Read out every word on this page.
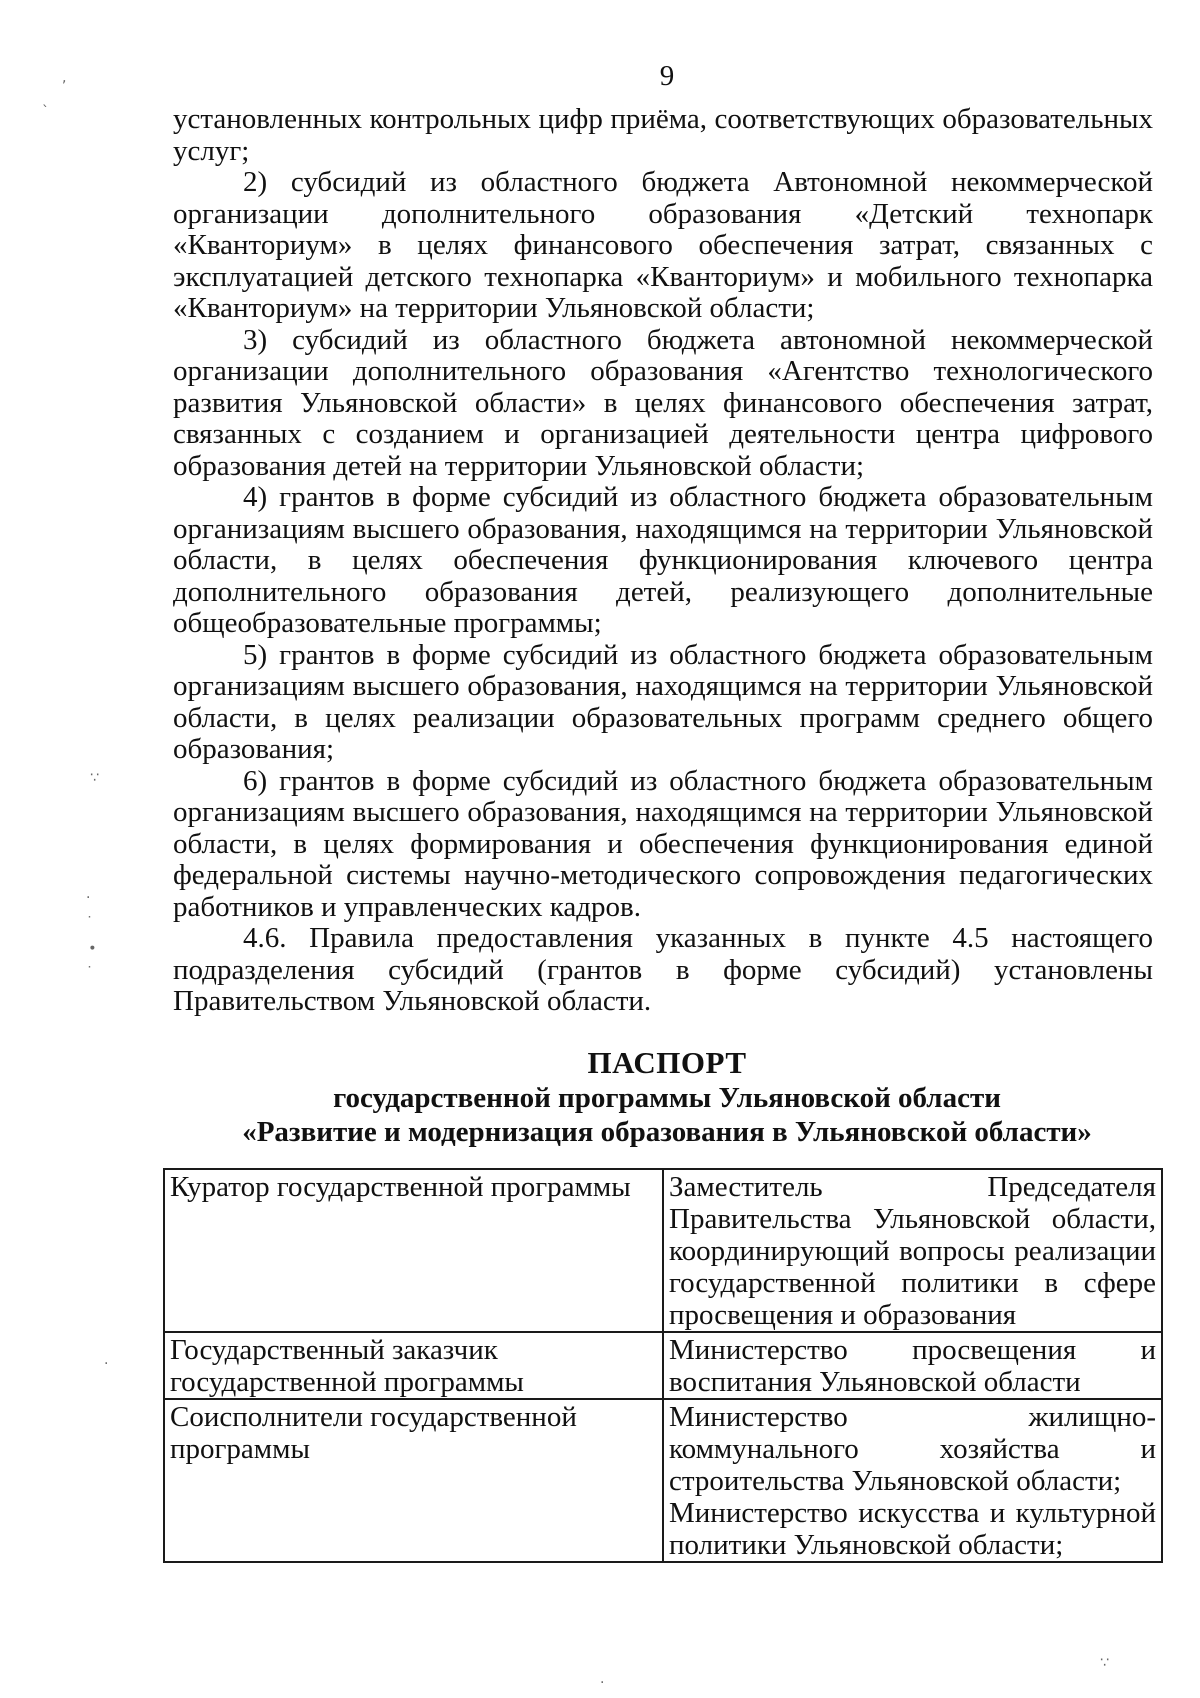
9

установленных контрольных цифр приёма, соответствующих образовательных услуг;

2) субсидий из областного бюджета Автономной некоммерческой организации дополнительного образования «Детский технопарк «Кванториум» в целях финансового обеспечения затрат, связанных с эксплуатацией детского технопарка «Кванториум» и мобильного технопарка «Кванториум» на территории Ульяновской области;

3) субсидий из областного бюджета автономной некоммерческой организации дополнительного образования «Агентство технологического развития Ульяновской области» в целях финансового обеспечения затрат, связанных с созданием и организацией деятельности центра цифрового образования детей на территории Ульяновской области;

4) грантов в форме субсидий из областного бюджета образовательным организациям высшего образования, находящимся на территории Ульяновской области, в целях обеспечения функционирования ключевого центра дополнительного образования детей, реализующего дополнительные общеобразовательные программы;

5) грантов в форме субсидий из областного бюджета образовательным организациям высшего образования, находящимся на территории Ульяновской области, в целях реализации образовательных программ среднего общего образования;

6) грантов в форме субсидий из областного бюджета образовательным организациям высшего образования, находящимся на территории Ульяновской области, в целях формирования и обеспечения функционирования единой федеральной системы научно-методического сопровождения педагогических работников и управленческих кадров.

4.6. Правила предоставления указанных в пункте 4.5 настоящего подразделения субсидий (грантов в форме субсидий) установлены Правительством Ульяновской области.

ПАСПОРТ
государственной программы Ульяновской области
«Развитие и модернизация образования в Ульяновской области»
Куратор государственной программы	Заместитель Председателя Правительства Ульяновской области, координирующий вопросы реализации государственной политики в сфере просвещения и образования

Государственный заказчик государственной программы	Министерство просвещения и воспитания Ульяновской области

Соисполнители государственной программы	Министерство жилищно-коммунального хозяйства и строительства Ульяновской области;
Министерство искусства и культурной политики Ульяновской области;
,
ˋ
∵
·
˙
∙
˙
·
∵
·
